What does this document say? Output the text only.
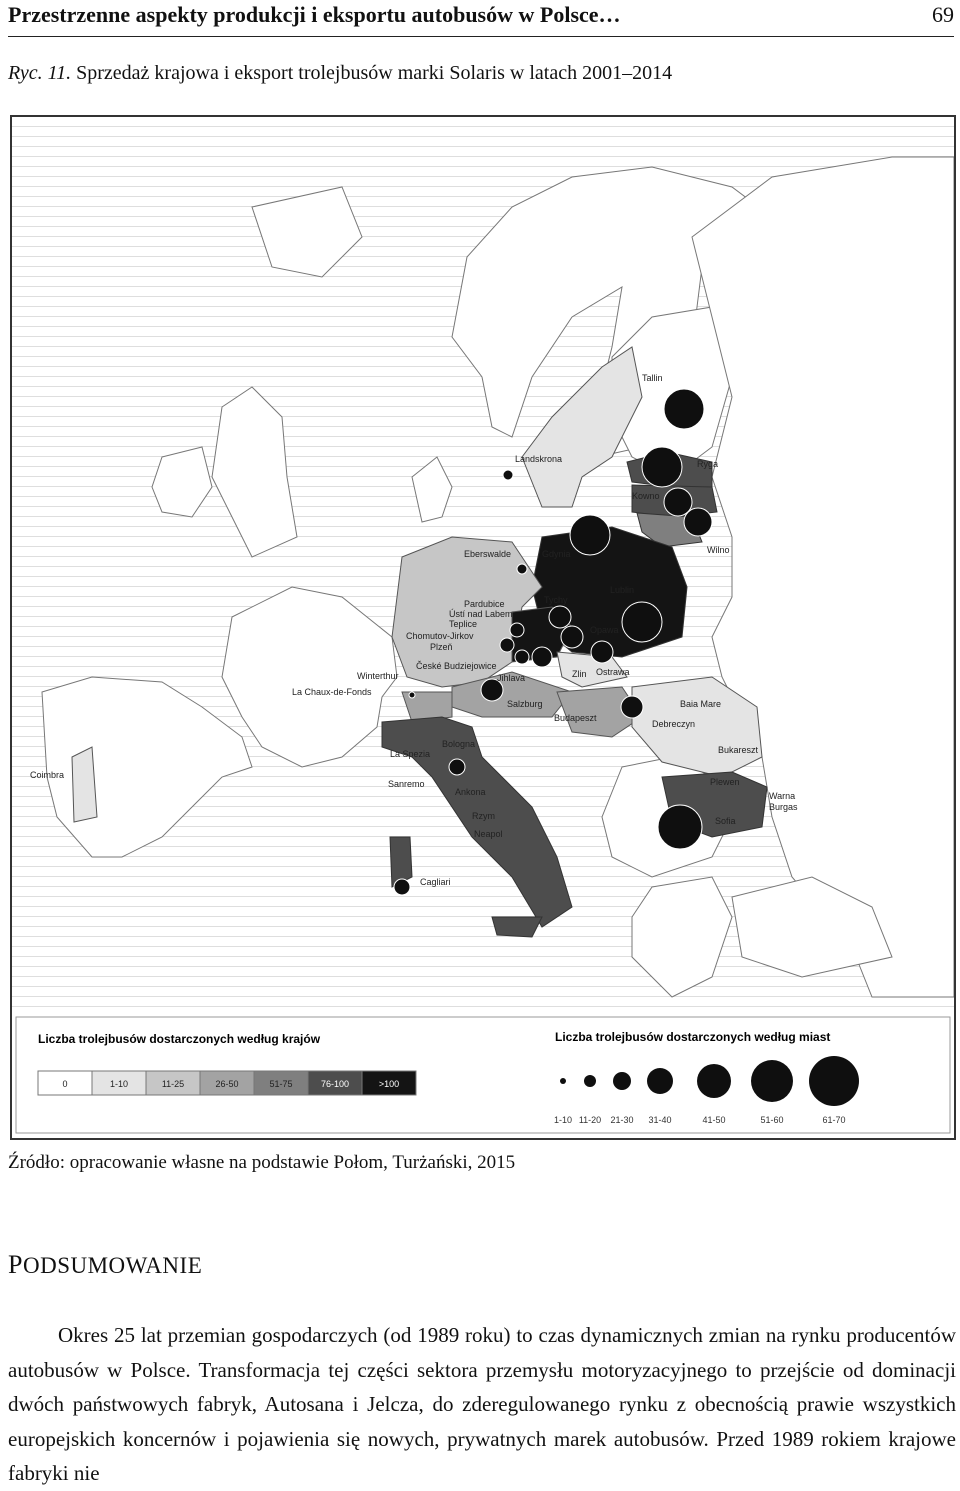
Przestrzenne aspekty produkcji i eksportu autobusów w Polsce…	69
Ryc. 11. Sprzedaż krajowa i eksport trolejbusów marki Solaris w latach 2001–2014
Tallin
Ryga
Kowno
Landskrona
Wilno
Eberswalde	Gdynia
Lublin
Tychy
Pardubice
Ústí nad Labem
Teplice
Chomutov-Jirkov
Plzeň
Opawa
České Budziejowice
Ostrawa
Jihlava	Zlin
Winterthur
La Chaux-de-Fonds
Salzburg
Budapeszt
Baia Mare
Debreczyn
Bologna
La Spezia
Sanremo
Bukareszt
Coimbra
Ankona
Rzym
Neapol
Plewen
Warna
Burgas
Sofia
Cagliari
Liczba trolejbusów dostarczonych według krajów
0	1-10	11-25	26-50	51-75	76-100	>100
Liczba trolejbusów dostarczonych według miast
1-10 11-20 21-30 31-40	41-50	51-60	61-70
Źródło: opracowanie własne na podstawie Połom, Turżański, 2015
PODSUMOWANIE

Okres 25 lat przemian gospodarczych (od 1989 roku) to czas dynamicznych zmian na rynku producentów autobusów w Polsce. Transformacja tej części sektora przemysłu motoryzacyjnego to przejście od dominacji dwóch państwowych fabryk, Autosana i Jelcza, do zderegulowanego rynku z obecnością prawie wszystkich europejskich koncernów i pojawienia się nowych, prywatnych marek autobusów. Przed 1989 rokiem krajowe fabryki nie
